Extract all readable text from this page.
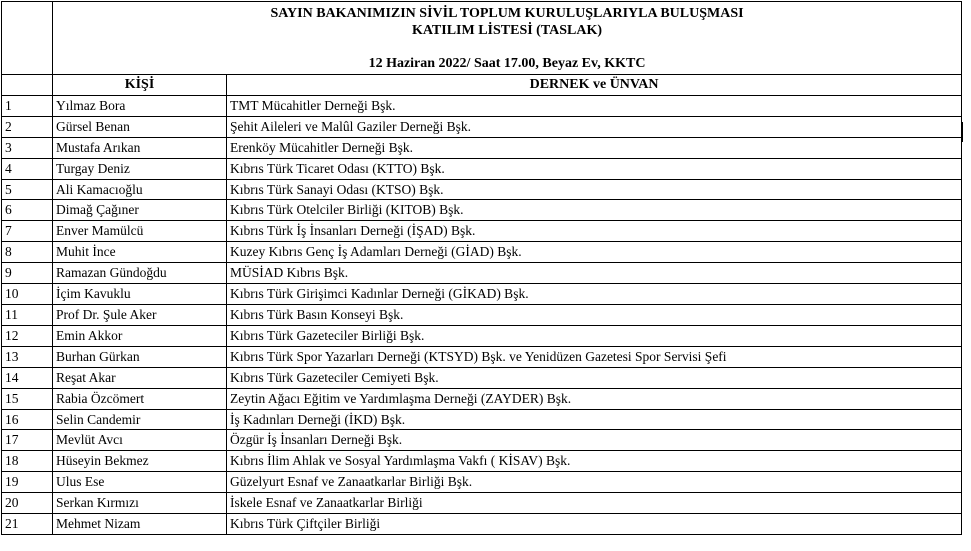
	SAYIN BAKANIMIZIN SİVİL TOPLUM KURULUŞLARIYLA BULUŞMASI
KATILIM LİSTESİ (TASLAK)
12 Haziran 2022/ Saat 17.00, Beyaz Ev, KKTC	

	KİŞİ	DERNEK ve ÜNVAN
1	Yılmaz Bora	TMT Mücahitler Derneği Bşk.
2	Gürsel Benan	Şehit Aileleri ve Malûl Gaziler Derneği Bşk.
3	Mustafa Arıkan	Erenköy Mücahitler Derneği Bşk.
4	Turgay Deniz	Kıbrıs Türk Ticaret Odası (KTTO) Bşk.
5	Ali Kamacıoğlu	Kıbrıs Türk Sanayi Odası (KTSO) Bşk.
6	Dimağ Çağıner	Kıbrıs Türk Otelciler Birliği (KITOB) Bşk.
7	Enver Mamülcü	Kıbrıs Türk İş İnsanları Derneği (İŞAD) Bşk.
8	Muhit İnce	Kuzey Kıbrıs Genç İş Adamları Derneği (GİAD) Bşk.
9	Ramazan Gündoğdu	MÜSİAD Kıbrıs Bşk.
10	İçim Kavuklu	Kıbrıs Türk Girişimci Kadınlar Derneği (GİKAD) Bşk.
11	Prof Dr. Şule Aker	Kıbrıs Türk Basın Konseyi Bşk.
12	Emin Akkor	Kıbrıs Türk Gazeteciler Birliği Bşk.
13	Burhan Gürkan	Kıbrıs Türk Spor Yazarları Derneği (KTSYD) Bşk. ve Yenidüzen Gazetesi Spor Servisi Şefi
14	Reşat Akar	Kıbrıs Türk Gazeteciler Cemiyeti Bşk.
15	Rabia Özcömert	Zeytin Ağacı Eğitim ve Yardımlaşma Derneği (ZAYDER) Bşk.
16	Selin Candemir	İş Kadınları Derneği (İKD) Bşk.
17	Mevlüt Avcı	Özgür İş İnsanları Derneği Bşk.
18	Hüseyin Bekmez	Kıbrıs İlim Ahlak ve Sosyal Yardımlaşma Vakfı ( KİSAV) Bşk.
19	Ulus Ese	Güzelyurt Esnaf ve Zanaatkarlar Birliği Bşk.
20	Serkan Kırmızı	İskele Esnaf ve Zanaatkarlar Birliği
21	Mehmet Nizam	Kıbrıs Türk Çiftçiler Birliği
